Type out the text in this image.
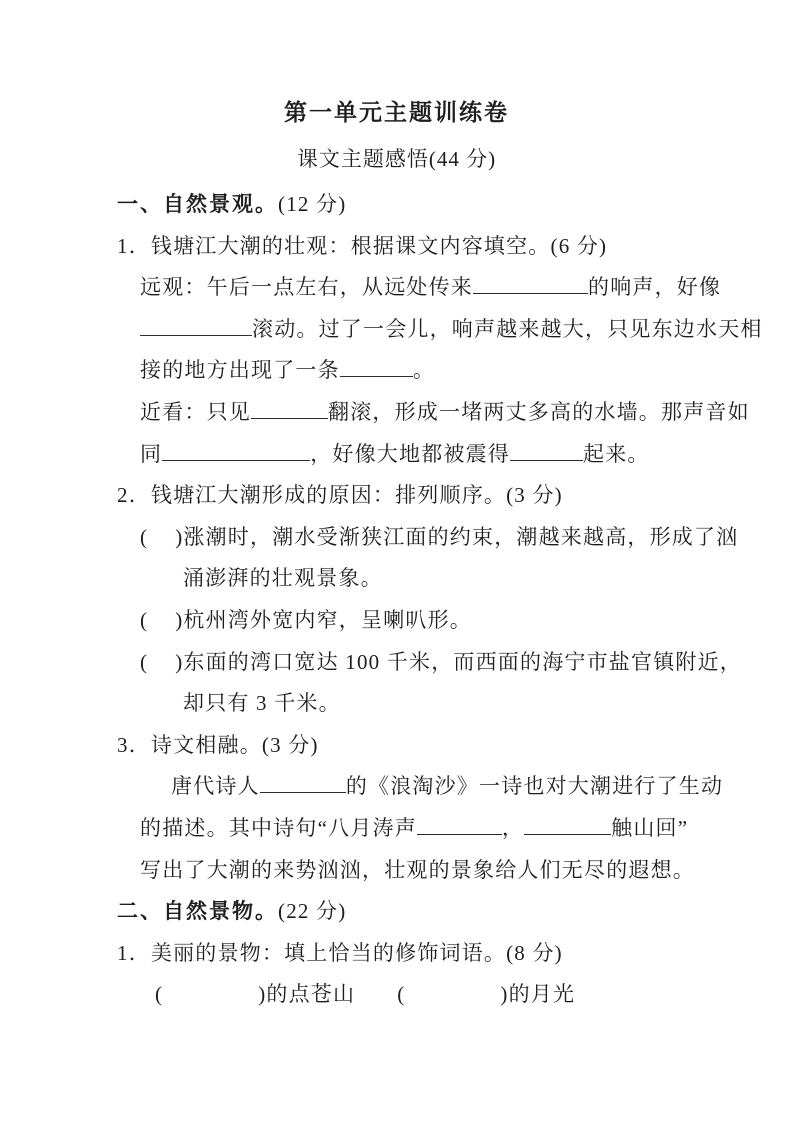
第一单元主题训练卷
课文主题感悟(44 分)
一、自然景观。(12 分)
1．钱塘江大潮的壮观：根据课文内容填空。(6 分)
远观：午后一点左右，从远处传来	的响声，好像
滚动。过了一会儿，响声越来越大，只见东边水天相
接的地方出现了一条	。
近看：只见	翻滚，形成一堵两丈多高的水墙。那声音如
同	，好像大地都被震得	起来。
2．钱塘江大潮形成的原因：排列顺序。(3 分)
( )涨潮时，潮水受渐狭江面的约束，潮越来越高，形成了汹
涌澎湃的壮观景象。
( )杭州湾外宽内窄，呈喇叭形。
( )东面的湾口宽达 100 千米，而西面的海宁市盐官镇附近，
却只有 3 千米。
3．诗文相融。(3 分)
唐代诗人	的《浪淘沙》一诗也对大潮进行了生动
的描述。其中诗句“八月涛声	，	触山回”
写出了大潮的来势汹汹，壮观的景象给人们无尽的遐想。
二、自然景物。(22 分)
1．美丽的景物：填上恰当的修饰词语。(8 分)
(	)的点苍山 (	)的月光
